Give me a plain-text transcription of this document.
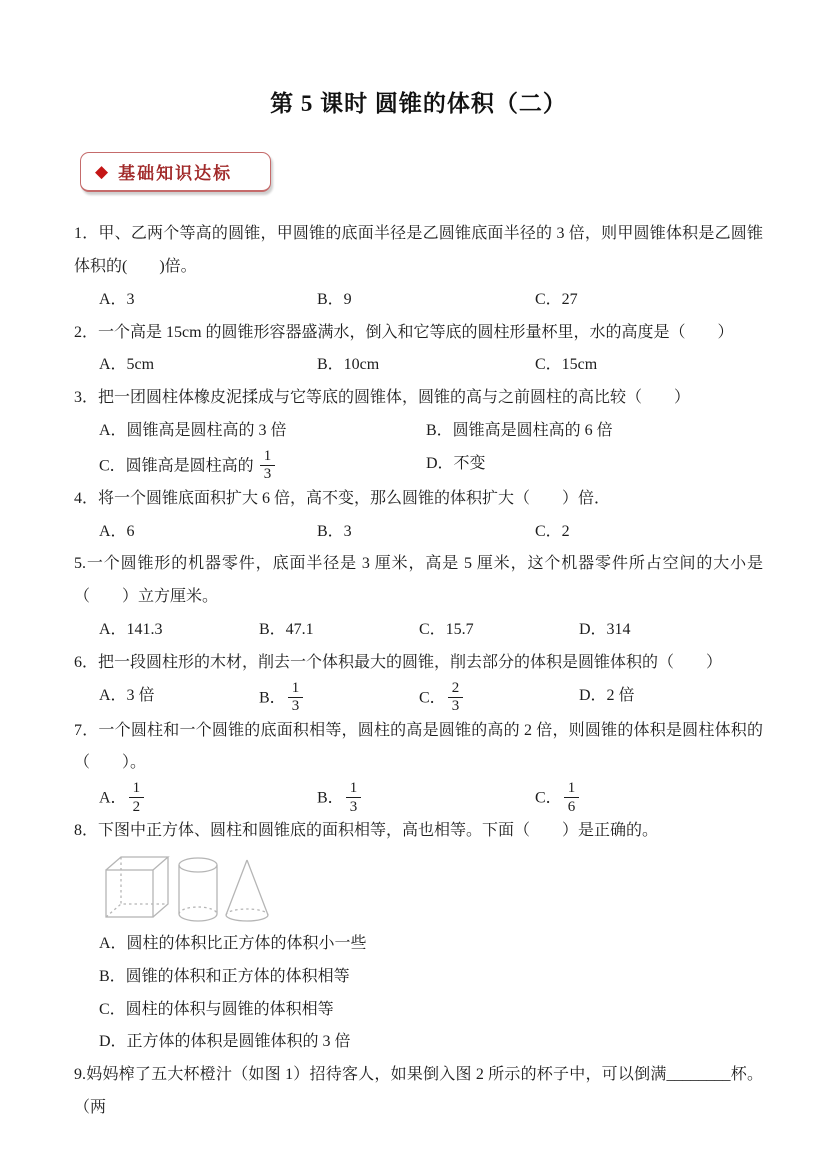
第 5 课时 圆锥的体积（二）
◆ 基础知识达标

1．甲、乙两个等高的圆锥，甲圆锥的底面半径是乙圆锥底面半径的 3 倍，则甲圆锥体积是乙圆锥体积的(　　)倍。

A．3	B．9	C．27

2．一个高是 15cm 的圆锥形容器盛满水，倒入和它等底的圆柱形量杯里，水的高度是（　　）

A．5cm	B．10cm	C．15cm

3．把一团圆柱体橡皮泥揉成与它等底的圆锥体，圆锥的高与之前圆柱的高比较（　　）

A．圆锥高是圆柱高的 3 倍	B．圆锥高是圆柱高的 6 倍
C．圆锥高是圆柱高的 $\frac{1}{3}$	D．不变

4．将一个圆锥底面积扩大 6 倍，高不变，那么圆锥的体积扩大（　　）倍．

A．6	B．3	C．2

5.一个圆锥形的机器零件，底面半径是 3 厘米，高是 5 厘米，这个机器零件所占空间的大小是（　　）立方厘米。

A．141.3	B．47.1	C．15.7	D．314

6．把一段圆柱形的木材，削去一个体积最大的圆锥，削去部分的体积是圆锥体积的（　　）

A．3 倍	B． $\frac{1}{3}$	C． $\frac{2}{3}$	D．2 倍

7．一个圆柱和一个圆锥的底面积相等，圆柱的高是圆锥的高的 2 倍，则圆锥的体积是圆柱体积的（　　）。

A． $\frac{1}{2}$	B． $\frac{1}{3}$	C． $\frac{1}{6}$

8．下图中正方体、圆柱和圆锥底的面积相等，高也相等。下面（　　）是正确的。

A．圆柱的体积比正方体的体积小一些
B．圆锥的体积和正方体的体积相等
C．圆柱的体积与圆锥的体积相等
D．正方体的体积是圆锥体积的 3 倍

9.妈妈榨了五大杯橙汁（如图 1）招待客人，如果倒入图 2 所示的杯子中，可以倒满________杯。（两
